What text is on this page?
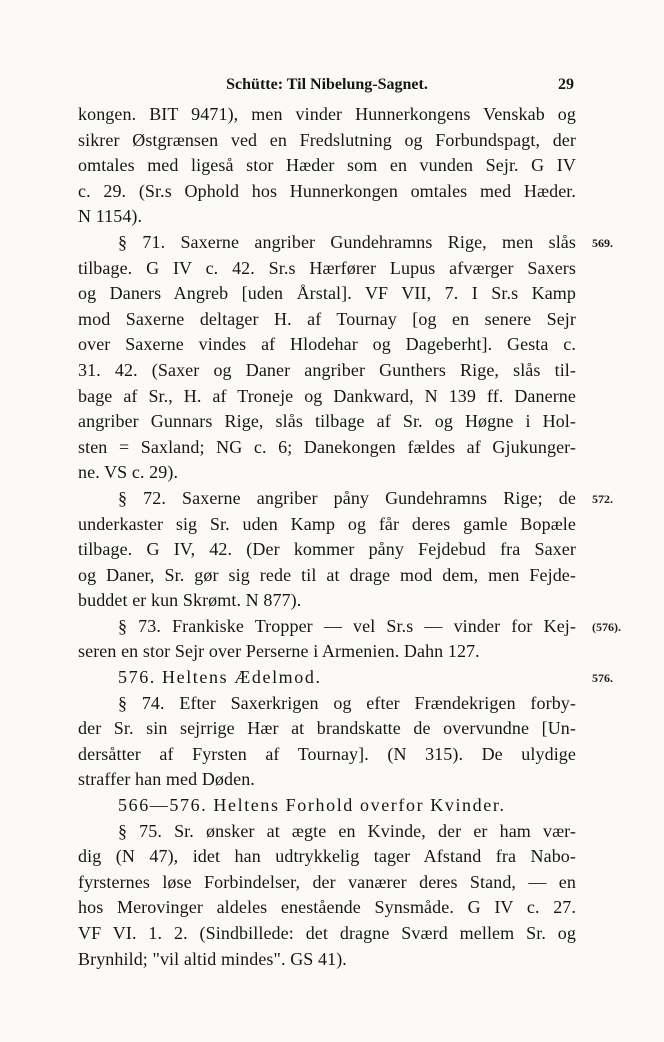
Schütte: Til Nibelung-Sagnet.	29
kongen. BIT 9471), men vinder Hunnerkongens Venskab og
sikrer Østgrænsen ved en Fredslutning og Forbundspagt, der
omtales med ligeså stor Hæder som en vunden Sejr. G IV
c. 29. (Sr.s Ophold hos Hunnerkongen omtales med Hæder.
N 1154).
§ 71. Saxerne angriber Gundehramns Rige, men slås
tilbage. G IV c. 42. Sr.s Hærfører Lupus afværger Saxers
og Daners Angreb [uden Årstal]. VF VII, 7. I Sr.s Kamp
mod Saxerne deltager H. af Tournay [og en senere Sejr
over Saxerne vindes af Hlodehar og Dageberht]. Gesta c.
31. 42. (Saxer og Daner angriber Gunthers Rige, slås til-
bage af Sr., H. af Troneje og Dankward, N 139 ff. Danerne
angriber Gunnars Rige, slås tilbage af Sr. og Høgne i Hol-
sten = Saxland; NG c. 6; Danekongen fældes af Gjukunger-
ne. VS c. 29).
§ 72. Saxerne angriber påny Gundehramns Rige; de
underkaster sig Sr. uden Kamp og får deres gamle Bopæle
tilbage. G IV, 42. (Der kommer påny Fejdebud fra Saxer
og Daner, Sr. gør sig rede til at drage mod dem, men Fejde-
buddet er kun Skrømt. N 877).
§ 73. Frankiske Tropper — vel Sr.s — vinder for Kej-
seren en stor Sejr over Perserne i Armenien. Dahn 127.
576. Heltens Ædelmod.
§ 74. Efter Saxerkrigen og efter Frændekrigen forby-
der Sr. sin sejrrige Hær at brandskatte de overvundne [Un-
dersåtter af Fyrsten af Tournay]. (N 315). De ulydige
straffer han med Døden.
566—576. Heltens Forhold overfor Kvinder.
§ 75. Sr. ønsker at ægte en Kvinde, der er ham vær-
dig (N 47), idet han udtrykkelig tager Afstand fra Nabo-
fyrsternes løse Forbindelser, der vanærer deres Stand, — en
hos Merovinger aldeles enestående Synsmåde. G IV c. 27.
VF VI. 1. 2. (Sindbillede: det dragne Sværd mellem Sr. og
Brynhild; "vil altid mindes". GS 41).
569.
572.
(576).
576.
